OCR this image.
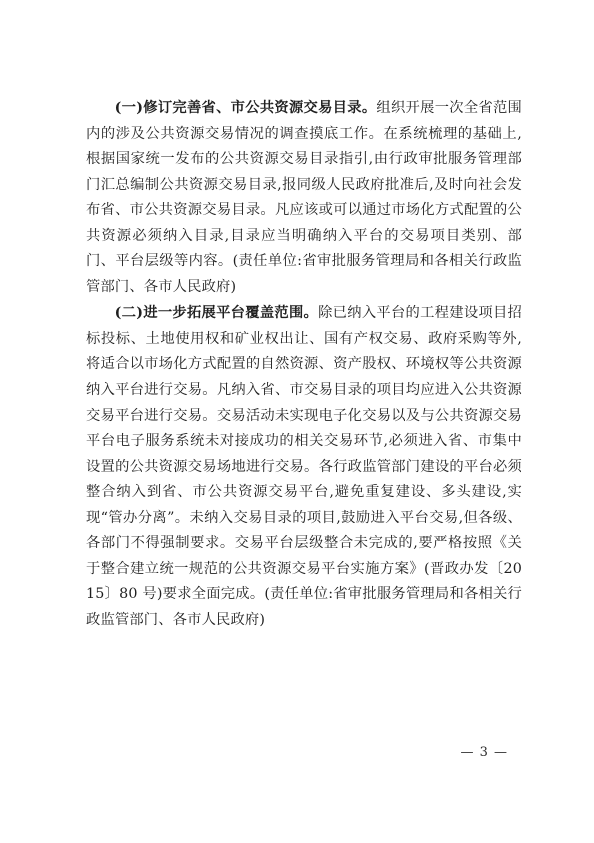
(一)修订完善省、市公共资源交易目录。组织开展一次全省范围内的涉及公共资源交易情况的调查摸底工作。在系统梳理的基础上,根据国家统一发布的公共资源交易目录指引,由行政审批服务管理部门汇总编制公共资源交易目录,报同级人民政府批准后,及时向社会发布省、市公共资源交易目录。凡应该或可以通过市场化方式配置的公共资源必须纳入目录,目录应当明确纳入平台的交易项目类别、部门、平台层级等内容。(责任单位:省审批服务管理局和各相关行政监管部门、各市人民政府)

(二)进一步拓展平台覆盖范围。除已纳入平台的工程建设项目招标投标、土地使用权和矿业权出让、国有产权交易、政府采购等外,将适合以市场化方式配置的自然资源、资产股权、环境权等公共资源纳入平台进行交易。凡纳入省、市交易目录的项目均应进入公共资源交易平台进行交易。交易活动未实现电子化交易以及与公共资源交易平台电子服务系统未对接成功的相关交易环节,必须进入省、市集中设置的公共资源交易场地进行交易。各行政监管部门建设的平台必须整合纳入到省、市公共资源交易平台,避免重复建设、多头建设,实现“管办分离”。未纳入交易目录的项目,鼓励进入平台交易,但各级、各部门不得强制要求。交易平台层级整合未完成的,要严格按照《关于整合建立统一规范的公共资源交易平台实施方案》(晋政办发〔2015〕80 号)要求全面完成。(责任单位:省审批服务管理局和各相关行政监管部门、各市人民政府)

— 3 —
